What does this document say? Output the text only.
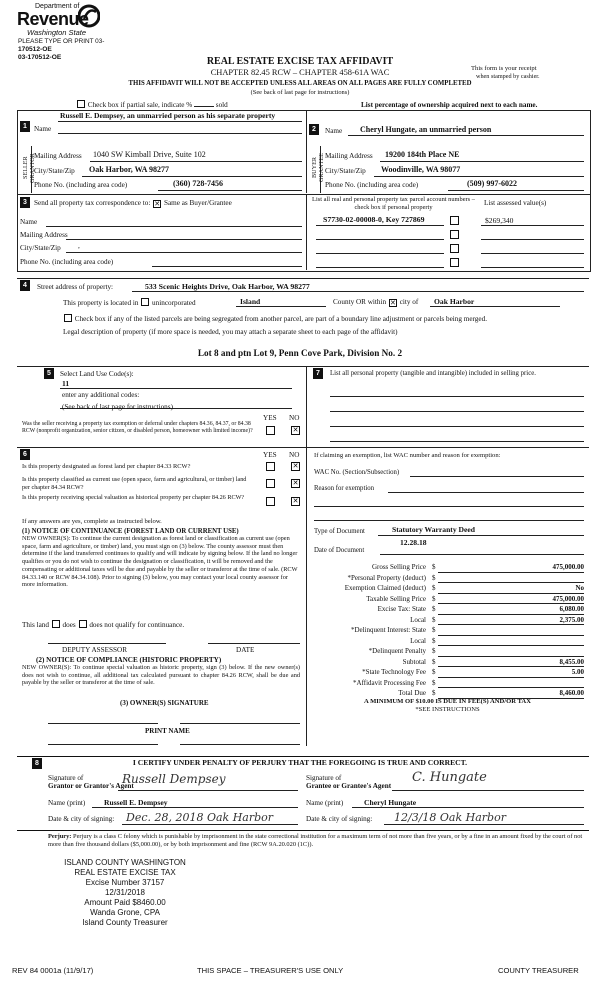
Department of
Revenue
Washington State
PLEASE TYPE OR PRINT 03-
170512-OE
03-170512-OE	REAL ESTATE EXCISE TAX AFFIDAVIT
CHAPTER 82.45 RCW – CHAPTER 458-61A WAC	This form is your receipt
when stamped by cashier.
THIS AFFIDAVIT WILL NOT BE ACCEPTED UNLESS ALL AREAS ON ALL PAGES ARE FULLY COMPLETED
(See back of last page for instructions)
Check box if partial sale, indicate %	sold	List percentage of ownership acquired next to each name.
1
SELLER GRANTOR
Name
Russell E. Dempsey, an unmarried person as his separate property
Mailing Address 1040 SW Kimball Drive, Suite 102
City/State/Zip Oak Harbor, WA 98277
Phone No. (including area code)	(360) 728-7456
2
BUYER GRANTEE
Name Cheryl Hungate, an unmarried person
Mailing Address 19200 184th Place NE
City/State/Zip Woodinville, WA 98077
Phone No. (including area code)	(509) 997-6022
3 Send all property tax correspondence to: ✕ Same as Buyer/Grantee
Name
Mailing Address
City/State/Zip ,
Phone No. (including area code)
List all real and personal property tax parcel account numbers – check box if personal property
List assessed value(s)
S7730-02-00008-0, Key 727869	$269,340
4	Street address of property:	533 Scenic Heights Drive, Oak Harbor, WA 98277
This property is located in unincorporated	Island	County OR within ✕ city of Oak Harbor
Check box if any of the listed parcels are being segregated from another parcel, are part of a boundary line adjustment or parcels being merged.
Legal description of property (if more space is needed, you may attach a separate sheet to each page of the affidavit)
Lot 8 and ptn Lot 9, Penn Cove Park, Division No. 2
5	Select Land Use Code(s):
11
enter any additional codes:
(See back of last page for instructions)
YES NO
Was the seller receiving a property tax exemption or deferral under chapters 84.36, 84.37, or 84.38 RCW (nonprofit organization, senior citizen, or disabled person, homeowner with limited income)?	✕
6	YES NO
Is this property designated as forest land per chapter 84.33 RCW?	✕
Is this property classified as current use (open space, farm and agricultural, or timber) land per chapter 84.34 RCW?	✕
Is this property receiving special valuation as historical property per chapter 84.26 RCW?	✕
If any answers are yes, complete as instructed below.
(1) NOTICE OF CONTINUANCE (FOREST LAND OR CURRENT USE)
NEW OWNER(S): To continue the current designation as forest land or classification as current use (open space, farm and agriculture, or timber) land, you must sign on (3) below. The county assessor must then determine if the land transferred continues to qualify and will indicate by signing below. If the land no longer qualifies or you do not wish to continue the designation or classification, it will be removed and the compensating or additional taxes will be due and payable by the seller or transferor at the time of sale. (RCW 84.33.140 or RCW 84.34.108). Prior to signing (3) below, you may contact your local county assessor for more information.
This land does does not qualify for continuance.
DEPUTY ASSESSOR	DATE
(2) NOTICE OF COMPLIANCE (HISTORIC PROPERTY)
NEW OWNER(S): To continue special valuation as historic property, sign (3) below. If the new owner(s) does not wish to continue, all additional tax calculated pursuant to chapter 84.26 RCW, shall be due and payable by the seller or transferor at the time of sale.
(3) OWNER(S) SIGNATURE
PRINT NAME
7	List all personal property (tangible and intangible) included in selling price.
If claiming an exemption, list WAC number and reason for exemption:
WAC No. (Section/Subsection)
Reason for exemption
Type of Document	Statutory Warranty Deed
12.28.18
Date of Document
Gross Selling Price $	475,000.00
*Personal Property (deduct) $
Exemption Claimed (deduct) $	No
Taxable Selling Price $	475,000.00
Excise Tax: State $	6,080.00
Local $	2,375.00
*Delinquent Interest: State $
Local $
*Delinquent Penalty $
Subtotal $	8,455.00
*State Technology Fee $	5.00
*Affidavit Processing Fee $
Total Due $	8,460.00
A MINIMUM OF $10.00 IS DUE IN FEE(S) AND/OR TAX
*SEE INSTRUCTIONS
8	I CERTIFY UNDER PENALTY OF PERJURY THAT THE FOREGOING IS TRUE AND CORRECT.
Signature of
Grantor or Grantor's Agent
Russell Dempsey	Signature of
Grantee or Grantee's Agent
C. Hungate
Name (print) Russell E. Dempsey	Name (print)	Cheryl Hungate
Date & city of signing: Dec. 28, 2018 Oak Harbor	Date & city of signing: 12/3/18 Oak Harbor
Perjury: Perjury is a class C felony which is punishable by imprisonment in the state correctional institution for a maximum term of not more than five years, or by a fine in an amount fixed by the court of not more than five thousand dollars ($5,000.00), or by both imprisonment and fine (RCW 9A.20.020 (1C)).
ISLAND COUNTY WASHINGTON
REAL ESTATE EXCISE TAX
Excise Number 37157
12/31/2018
Amount Paid $8460.00
Wanda Grone, CPA
Island County Treasurer
REV 84 0001a (11/9/17)	THIS SPACE – TREASURER'S USE ONLY	COUNTY TREASURER
